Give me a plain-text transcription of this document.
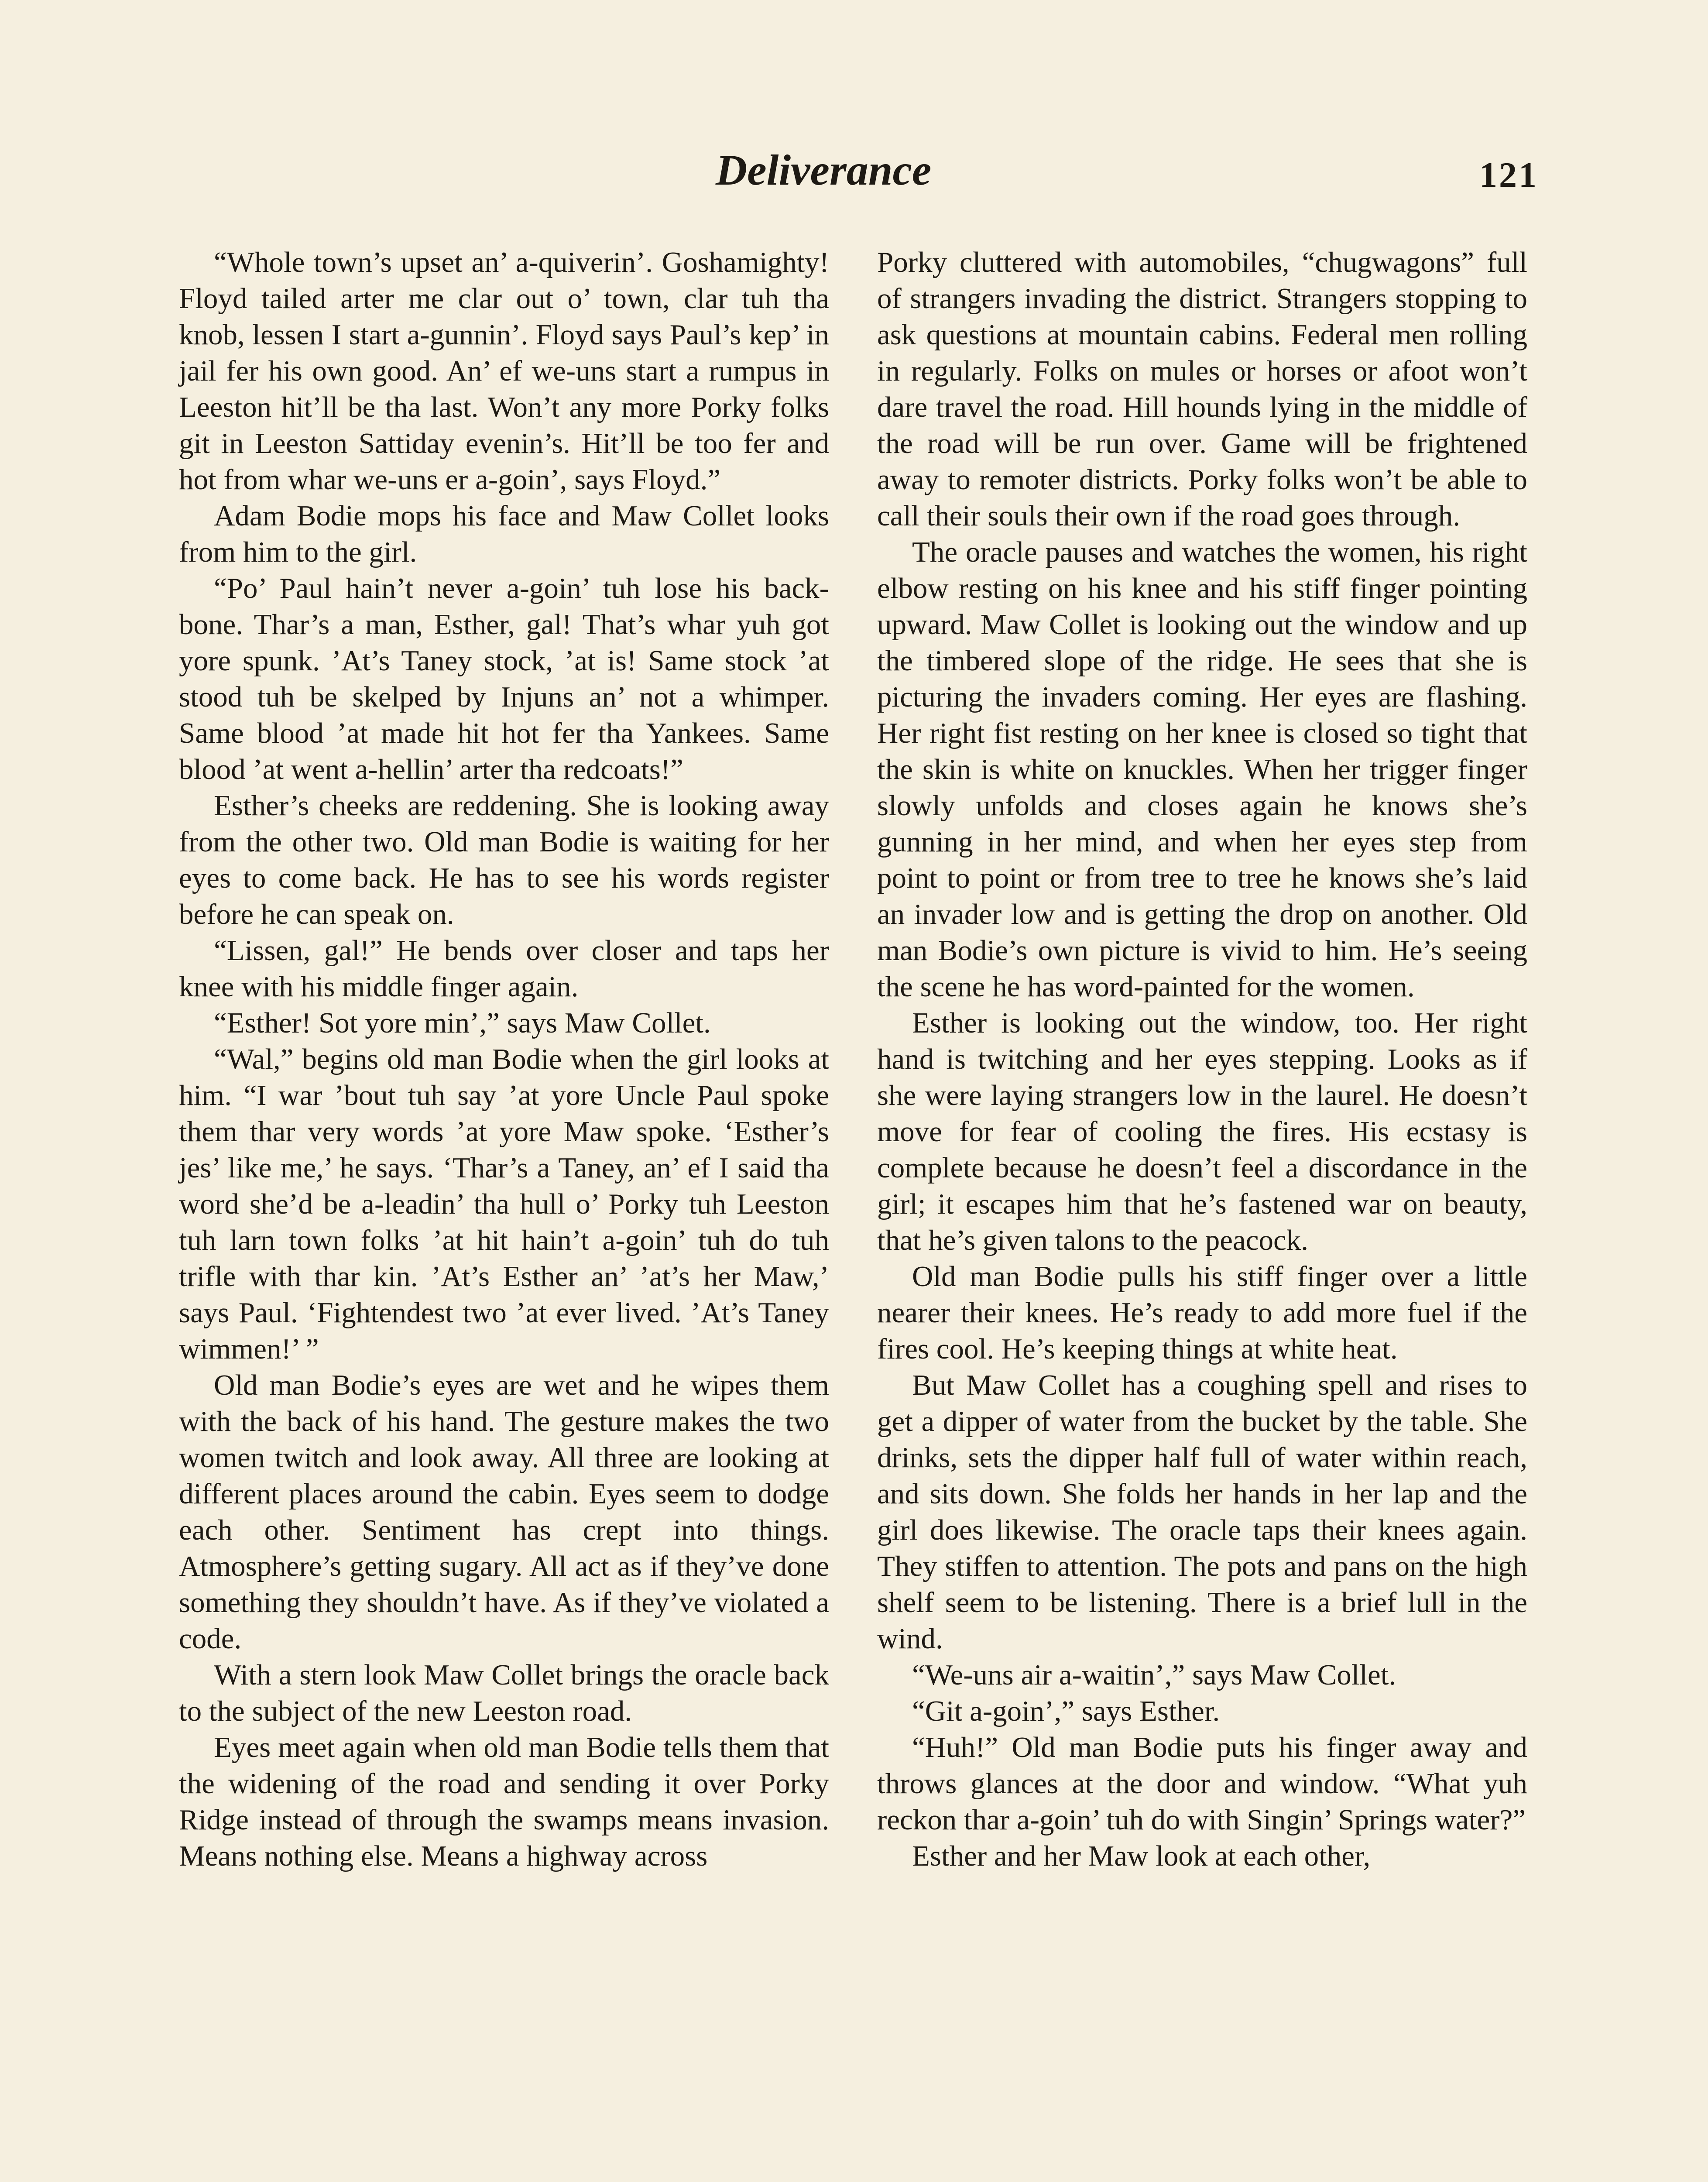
Deliverance	121

“Whole town’s upset an’ a-quiverin’. Goshamighty! Floyd tailed arter me clar out o’ town, clar tuh tha knob, lessen I start a-gunnin’. Floyd says Paul’s kep’ in jail fer his own good. An’ ef we-uns start a rumpus in Leeston hit’ll be tha last. Won’t any more Porky folks git in Leeston Sattiday evenin’s. Hit’ll be too fer and hot from whar we-uns er a-goin’, says Floyd.”

Adam Bodie mops his face and Maw Collet looks from him to the girl.

“Po’ Paul hain’t never a-goin’ tuh lose his back-bone. Thar’s a man, Esther, gal! That’s whar yuh got yore spunk. ’At’s Taney stock, ’at is! Same stock ’at stood tuh be skelped by Injuns an’ not a whimper. Same blood ’at made hit hot fer tha Yankees. Same blood ’at went a-hellin’ arter tha redcoats!”

Esther’s cheeks are reddening. She is looking away from the other two. Old man Bodie is waiting for her eyes to come back. He has to see his words register before he can speak on.

“Lissen, gal!” He bends over closer and taps her knee with his middle finger again.

“Esther! Sot yore min’,” says Maw Collet.

“Wal,” begins old man Bodie when the girl looks at him. “I war ’bout tuh say ’at yore Uncle Paul spoke them thar very words ’at yore Maw spoke. ‘Esther’s jes’ like me,’ he says. ‘Thar’s a Taney, an’ ef I said tha word she’d be a-leadin’ tha hull o’ Porky tuh Leeston tuh larn town folks ’at hit hain’t a-goin’ tuh do tuh trifle with thar kin. ’At’s Esther an’ ’at’s her Maw,’ says Paul. ‘Fightendest two ’at ever lived. ’At’s Taney wimmen!’ ”

Old man Bodie’s eyes are wet and he wipes them with the back of his hand. The gesture makes the two women twitch and look away. All three are looking at different places around the cabin. Eyes seem to dodge each other. Sentiment has crept into things. Atmosphere’s getting sugary. All act as if they’ve done something they shouldn’t have. As if they’ve violated a code.

With a stern look Maw Collet brings the oracle back to the subject of the new Leeston road.

Eyes meet again when old man Bodie tells them that the widening of the road and sending it over Porky Ridge instead of through the swamps means invasion. Means nothing else. Means a highway across

Porky cluttered with automobiles, “chugwagons” full of strangers invading the district. Strangers stopping to ask questions at mountain cabins. Federal men rolling in regularly. Folks on mules or horses or afoot won’t dare travel the road. Hill hounds lying in the middle of the road will be run over. Game will be frightened away to remoter districts. Porky folks won’t be able to call their souls their own if the road goes through.

The oracle pauses and watches the women, his right elbow resting on his knee and his stiff finger pointing upward. Maw Collet is looking out the window and up the timbered slope of the ridge. He sees that she is picturing the invaders coming. Her eyes are flashing. Her right fist resting on her knee is closed so tight that the skin is white on knuckles. When her trigger finger slowly unfolds and closes again he knows she’s gunning in her mind, and when her eyes step from point to point or from tree to tree he knows she’s laid an invader low and is getting the drop on another. Old man Bodie’s own picture is vivid to him. He’s seeing the scene he has word-painted for the women.

Esther is looking out the window, too. Her right hand is twitching and her eyes stepping. Looks as if she were laying strangers low in the laurel. He doesn’t move for fear of cooling the fires. His ecstasy is complete because he doesn’t feel a discordance in the girl; it escapes him that he’s fastened war on beauty, that he’s given talons to the peacock.

Old man Bodie pulls his stiff finger over a little nearer their knees. He’s ready to add more fuel if the fires cool. He’s keeping things at white heat.

But Maw Collet has a coughing spell and rises to get a dipper of water from the bucket by the table. She drinks, sets the dipper half full of water within reach, and sits down. She folds her hands in her lap and the girl does likewise. The oracle taps their knees again. They stiffen to attention. The pots and pans on the high shelf seem to be listening. There is a brief lull in the wind.

“We-uns air a-waitin’,” says Maw Collet.

“Git a-goin’,” says Esther.

“Huh!” Old man Bodie puts his finger away and throws glances at the door and window. “What yuh reckon thar a-goin’ tuh do with Singin’ Springs water?”

Esther and her Maw look at each other,
